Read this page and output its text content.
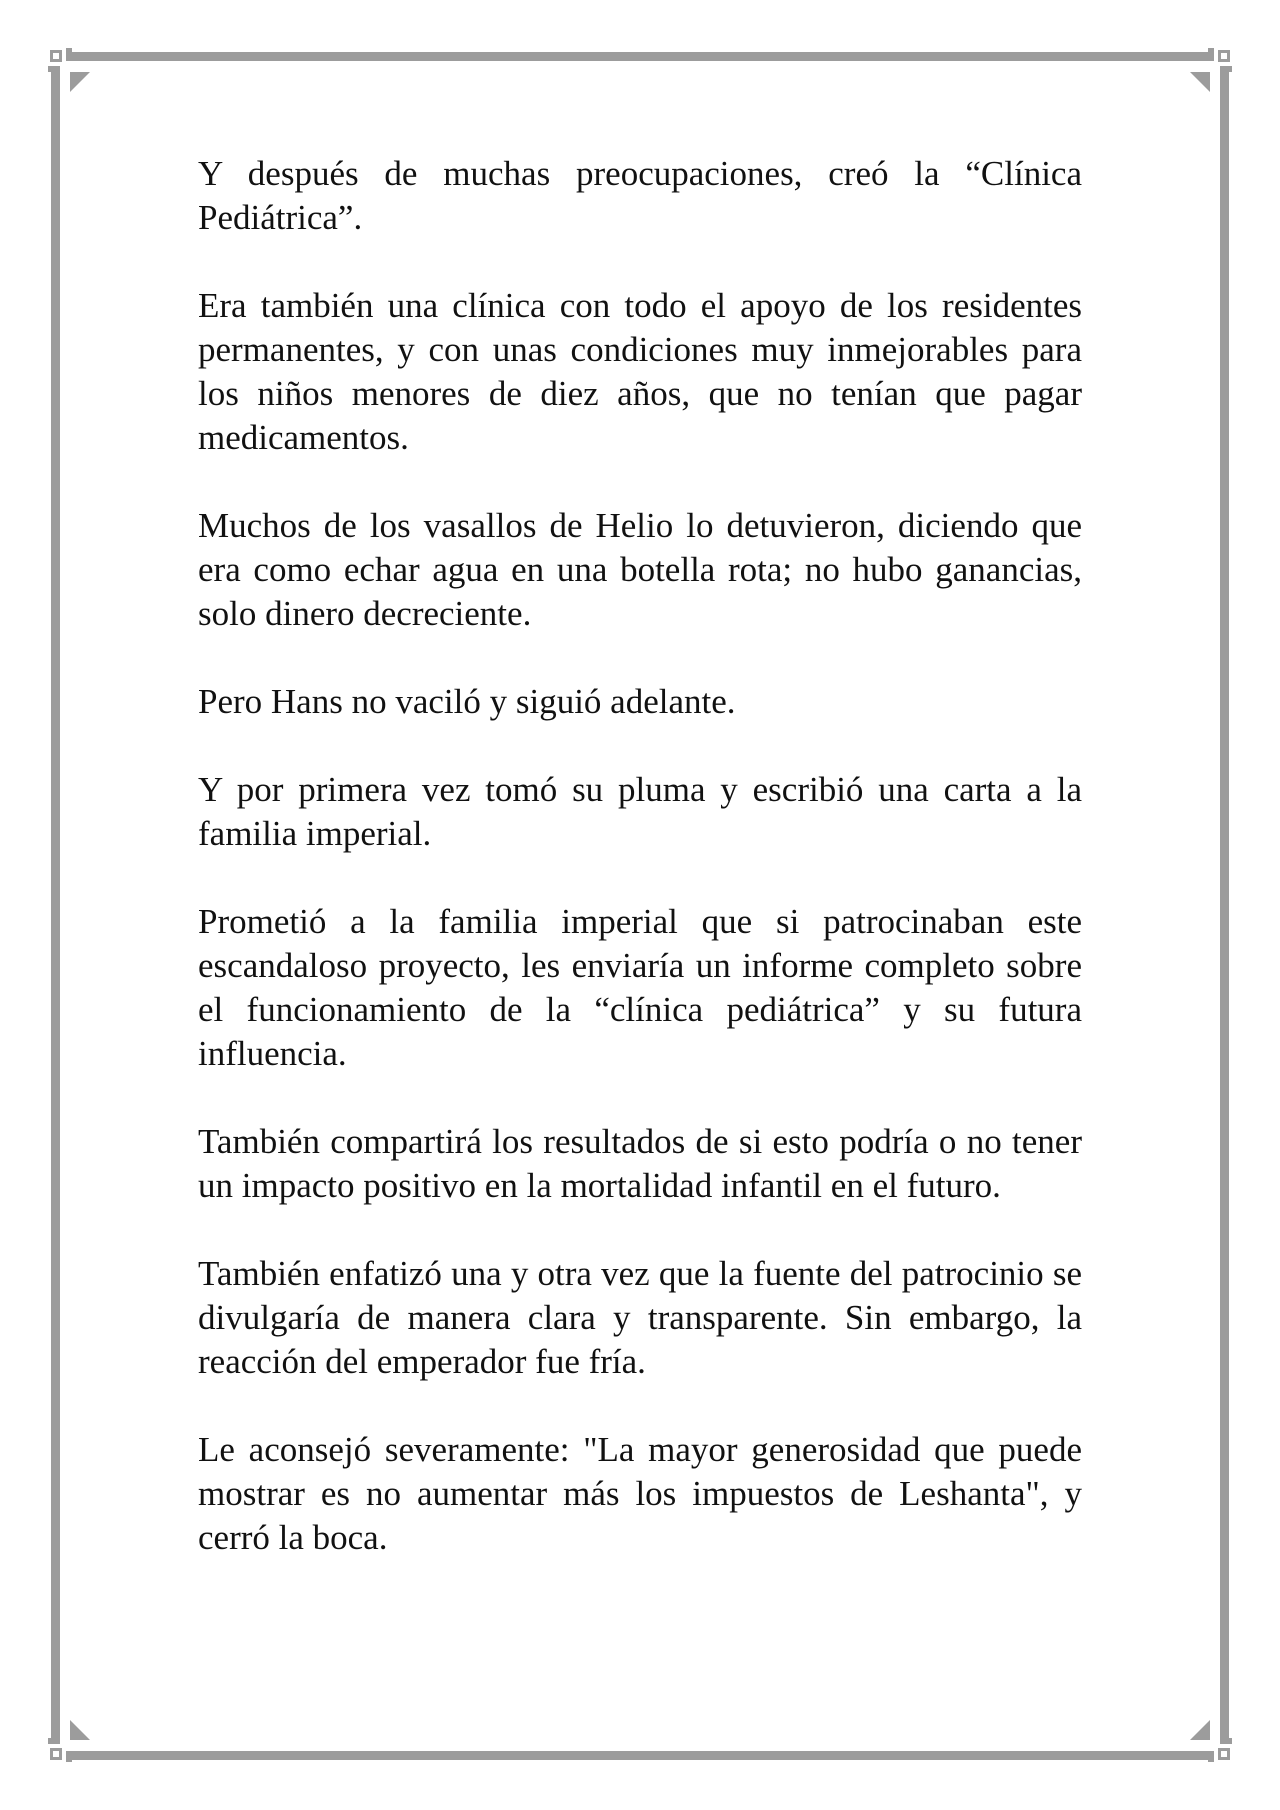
Y después de muchas preocupaciones, creó la “Clínica Pediátrica”.

Era también una clínica con todo el apoyo de los residentes permanentes, y con unas condiciones muy inmejorables para los niños menores de diez años, que no tenían que pagar medicamentos.

Muchos de los vasallos de Helio lo detuvieron, diciendo que era como echar agua en una botella rota; no hubo ganancias, solo dinero decreciente.

Pero Hans no vaciló y siguió adelante.

Y por primera vez tomó su pluma y escribió una carta a la familia imperial.

Prometió a la familia imperial que si patrocinaban este escandaloso proyecto, les enviaría un informe completo sobre el funcionamiento de la “clínica pediátrica” y su futura influencia.

También compartirá los resultados de si esto podría o no tener un impacto positivo en la mortalidad infantil en el futuro.

También enfatizó una y otra vez que la fuente del patrocinio se divulgaría de manera clara y transparente. Sin embargo, la reacción del emperador fue fría.

Le aconsejó severamente: "La mayor generosidad que puede mostrar es no aumentar más los impuestos de Leshanta", y cerró la boca.
